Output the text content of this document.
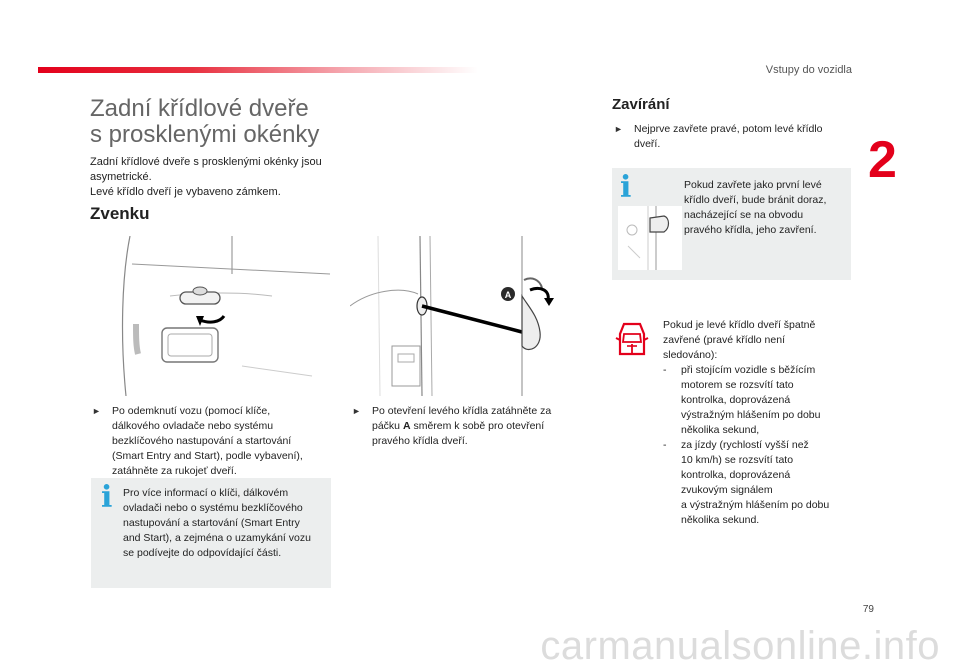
Vstupy do vozidla
2
Zadní křídlové dveře
s prosklenými okénky
Zadní křídlové dveře s prosklenými okénky jsou
asymetrické.
Levé křídlo dveří je vybaveno zámkem.
Zvenku
A
► Po odemknutí vozu (pomocí klíče,
dálkového ovladače nebo systému
bezklíčového nastupování a startování
(Smart Entry and Start), podle vybavení),
zatáhněte za rukojeť dveří.
i Pro více informací o klíči, dálkovém
ovladači nebo o systému bezklíčového
nastupování a startování (Smart Entry
and Start), a zejména o uzamykání vozu
se podívejte do odpovídající části.
► Po otevření levého křídla zatáhněte za
páčku A směrem k sobě pro otevření
pravého křídla dveří.
Zavírání
► Nejprve zavřete pravé, potom levé křídlo
dveří.
i	Pokud zavřete jako první levé
křídlo dveří, bude bránit doraz,
nacházející se na obvodu
pravého křídla, jeho zavření.
Pokud je levé křídlo dveří špatně
zavřené (pravé křídlo není
sledováno):
- při stojícím vozidle s běžícím
motorem se rozsvítí tato
kontrolka, doprovázená
výstražným hlášením po dobu
několika sekund,
- za jízdy (rychlostí vyšší než
10 km/h) se rozsvítí tato
kontrolka, doprovázená
zvukovým signálem
a výstražným hlášením po dobu
několika sekund.
79
carmanualsonline.info
